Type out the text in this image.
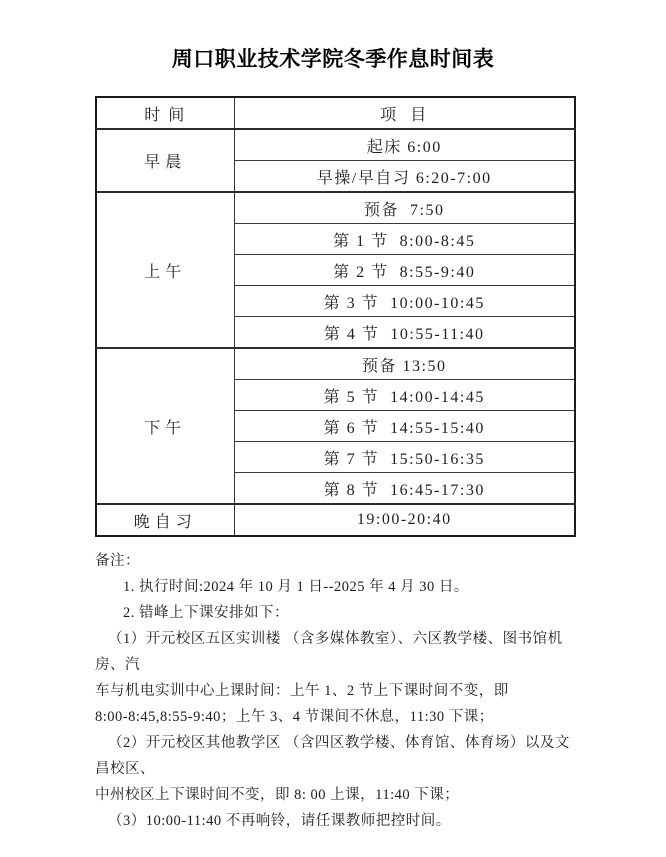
周口职业技术学院冬季作息时间表
时 间	项  目
早晨	起床 6:00
	早操/早自习 6:20-7:00
上午	预备  7:50
	第 1 节  8:00-8:45
	第 2 节  8:55-9:40
	第 3 节  10:00-10:45
	第 4 节  10:55-11:40
下午	预备 13:50
	第 5 节  14:00-14:45
	第 6 节  14:55-15:40
	第 7 节  15:50-16:35
	第 8 节  16:45-17:30
晚自习	19:00-20:40
备注：
1. 执行时间:2024 年 10 月 1 日--2025 年 4 月 30 日。
2. 错峰上下课安排如下：
（1）开元校区五区实训楼 （含多媒体教室）、六区教学楼、图书馆机房、汽
车与机电实训中心上课时间：上午 1、2 节上下课时间不变，即
8:00-8:45,8:55-9:40；上午 3、4 节课间不休息，11:30 下课；
（2）开元校区其他教学区 （含四区教学楼、体育馆、体育场）以及文昌校区、
中州校区上下课时间不变，即 8: 00 上课，11:40 下课；
（3）10:00-11:40 不再响铃，请任课教师把控时间。
